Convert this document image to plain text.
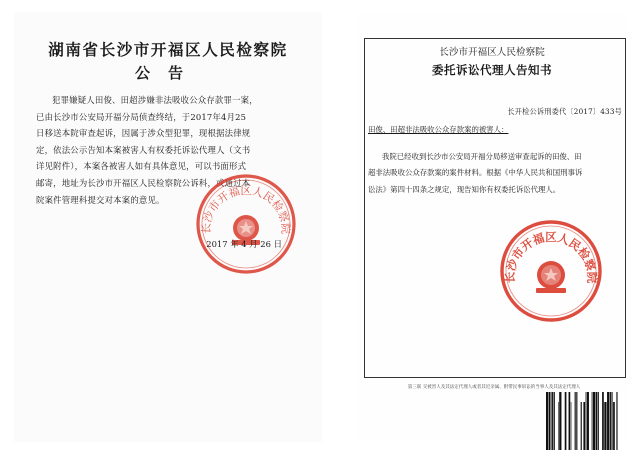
湖南省长沙市开福区人民检察院
公告

犯罪嫌疑人田俊、田超涉嫌非法吸收公众存款罪一案，

已由长沙市公安局开福分局侦查终结，于2017年4月25
日移送本院审查起诉，因属于涉众型犯罪，现根据法律规
定，依法公示告知本案被害人有权委托诉讼代理人（文书
详见附件），本案各被害人如有具体意见，可以书面形式
邮寄，地址为长沙市开福区人民检察院公诉科，或通过本
院案件管理科提交对本案的意见。
长沙市开福区人民检察院
2017 年 4 月 26 日
长沙市开福区人民检察院
委托诉讼代理人告知书
长开检公诉刑委代〔2017〕433号
田俊、田超非法吸收公众存款案的被害人：

我院已经收到长沙市公安局开福分局移送审查起诉的田俊、田

超非法吸收公众存款案的案件材料。根据《中华人民共和国刑事诉
讼法》第四十四条之规定，现告知你有权委托诉讼代理人。
长沙市开福区人民检察院
第三联 交被害人及其法定代理人或者其近亲属、附带民事诉讼的当事人及其法定代理人
